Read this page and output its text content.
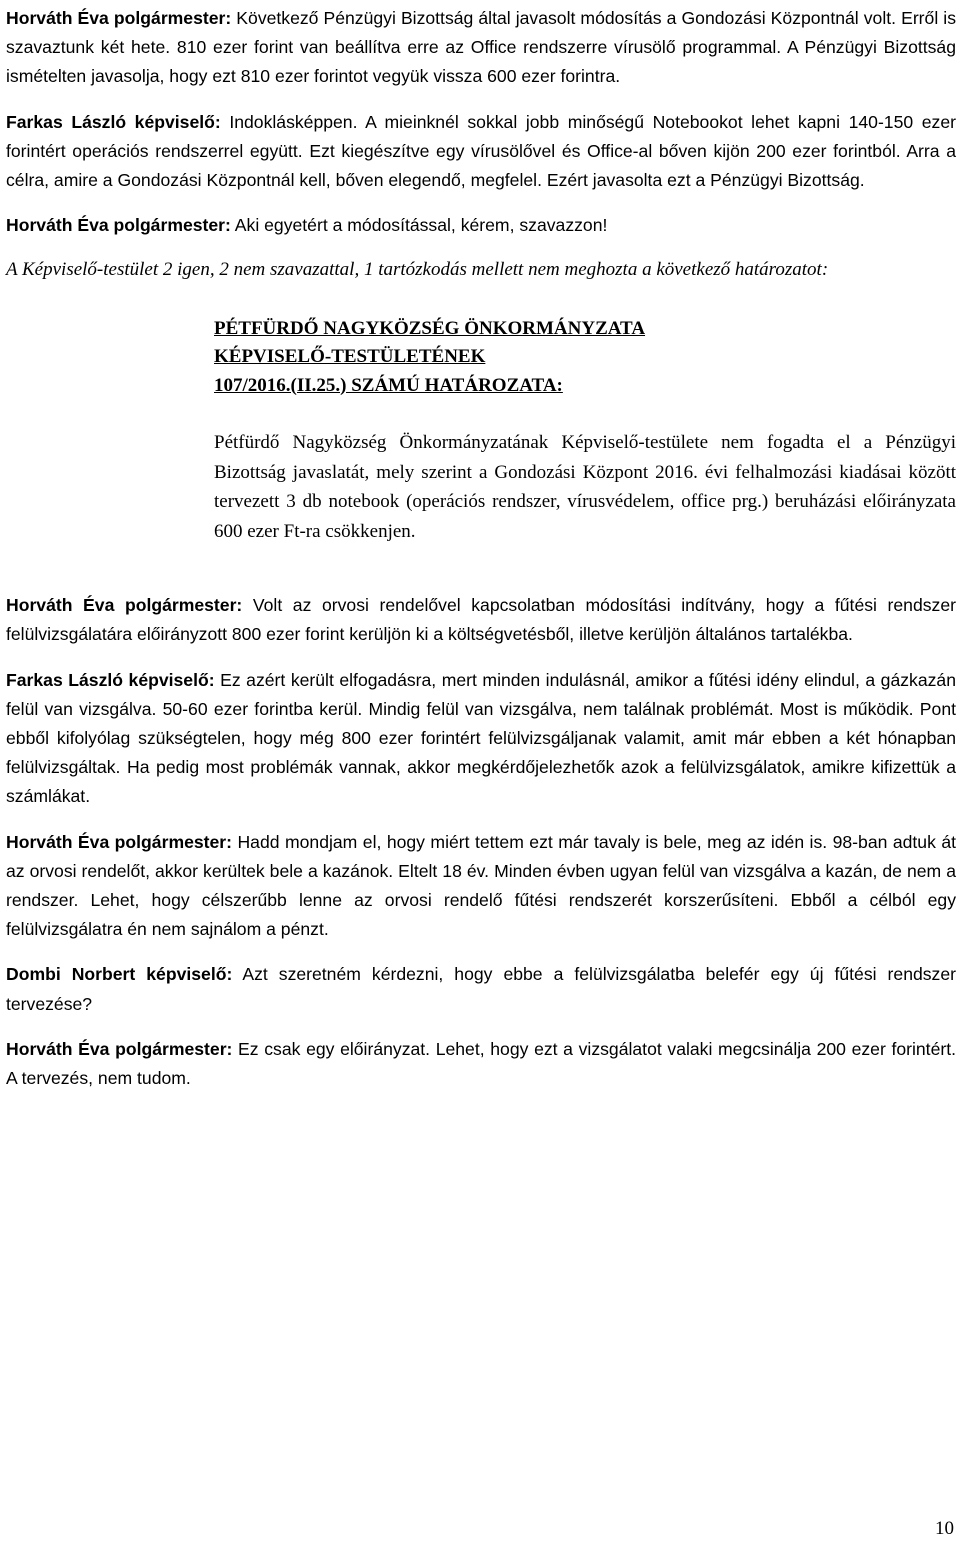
Horváth Éva polgármester: Következő Pénzügyi Bizottság által javasolt módosítás a Gondozási Központnál volt. Erről is szavaztunk két hete. 810 ezer forint van beállítva erre az Office rendszerre vírusölő programmal. A Pénzügyi Bizottság ismételten javasolja, hogy ezt 810 ezer forintot vegyük vissza 600 ezer forintra.

Farkas László képviselő: Indoklásképpen. A mieinknél sokkal jobb minőségű Notebookot lehet kapni 140-150 ezer forintért operációs rendszerrel együtt. Ezt kiegészítve egy vírusölővel és Office-al bőven kijön 200 ezer forintból. Arra a célra, amire a Gondozási Központnál kell, bőven elegendő, megfelel. Ezért javasolta ezt a Pénzügyi Bizottság.

Horváth Éva polgármester: Aki egyetért a módosítással, kérem, szavazzon!

A Képviselő-testület 2 igen, 2 nem szavazattal, 1 tartózkodás mellett nem meghozta a következő határozatot:

PÉTFÜRDŐ NAGYKÖZSÉG ÖNKORMÁNYZATA
KÉPVISELŐ-TESTÜLETÉNEK
107/2016.(II.25.) SZÁMÚ HATÁROZATA:

Pétfürdő Nagyközség Önkormányzatának Képviselő-testülete nem fogadta el a Pénzügyi Bizottság javaslatát, mely szerint a Gondozási Központ 2016. évi felhalmozási kiadásai között tervezett 3 db notebook (operációs rendszer, vírusvédelem, office prg.) beruházási előirányzata 600 ezer Ft-ra csökkenjen.

Horváth Éva polgármester: Volt az orvosi rendelővel kapcsolatban módosítási indítvány, hogy a fűtési rendszer felülvizsgálatára előirányzott 800 ezer forint kerüljön ki a költségvetésből, illetve kerüljön általános tartalékba.

Farkas László képviselő: Ez azért került elfogadásra, mert minden indulásnál, amikor a fűtési idény elindul, a gázkazán felül van vizsgálva. 50-60 ezer forintba kerül. Mindig felül van vizsgálva, nem találnak problémát. Most is működik. Pont ebből kifolyólag szükségtelen, hogy még 800 ezer forintért felülvizsgáljanak valamit, amit már ebben a két hónapban felülvizsgáltak. Ha pedig most problémák vannak, akkor megkérdőjelezhetők azok a felülvizsgálatok, amikre kifizettük a számlákat.

Horváth Éva polgármester: Hadd mondjam el, hogy miért tettem ezt már tavaly is bele, meg az idén is. 98-ban adtuk át az orvosi rendelőt, akkor kerültek bele a kazánok. Eltelt 18 év. Minden évben ugyan felül van vizsgálva a kazán, de nem a rendszer. Lehet, hogy célszerűbb lenne az orvosi rendelő fűtési rendszerét korszerűsíteni. Ebből a célból egy felülvizsgálatra én nem sajnálom a pénzt.

Dombi Norbert képviselő: Azt szeretném kérdezni, hogy ebbe a felülvizsgálatba belefér egy új fűtési rendszer tervezése?

Horváth Éva polgármester: Ez csak egy előirányzat. Lehet, hogy ezt a vizsgálatot valaki megcsinálja 200 ezer forintért. A tervezés, nem tudom.

10
